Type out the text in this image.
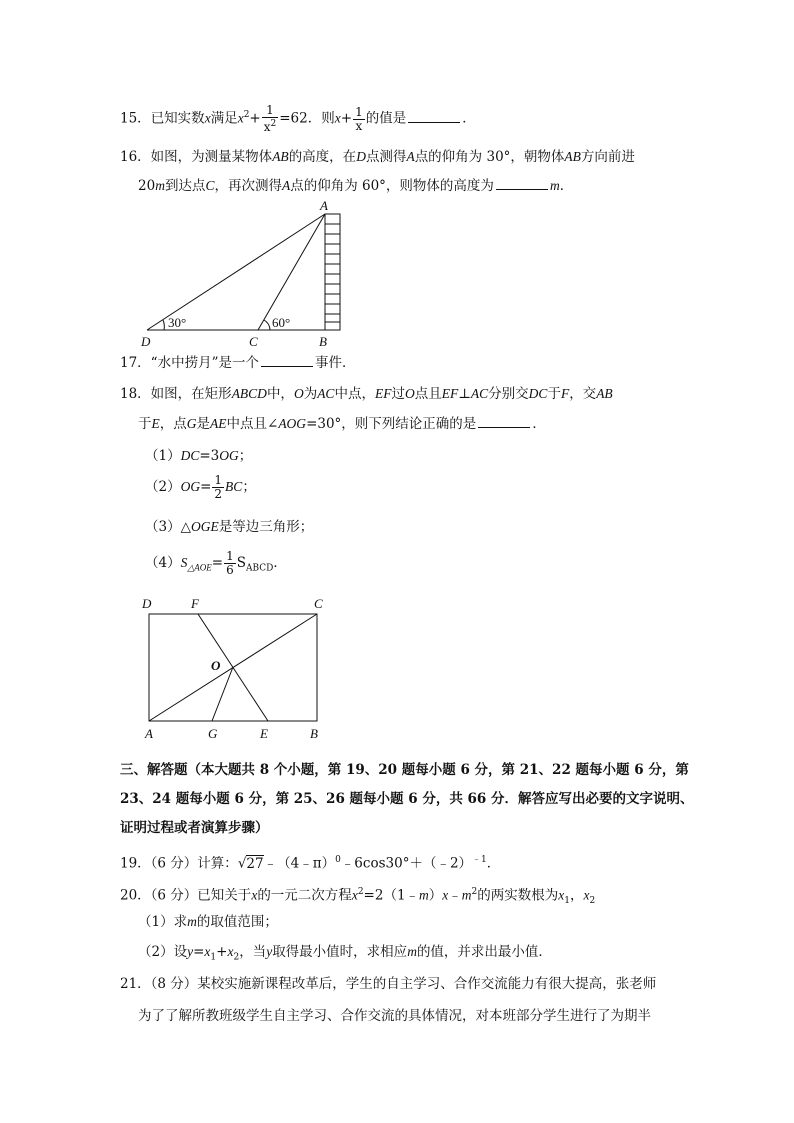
15．已知实数x满足$x^2+ \frac{1}{x^2} =62$．则$x+ \frac{1}{x}$ 的值是	．
16．如图，为测量某物体AB的高度，在D点测得A点的仰角为 30°，朝物体AB方向前进
20m到达点C，再次测得A点的仰角为 60°，则物体的高度为	m．
A
D	C	B
30°	60°
17．“水中捞月”是一个	事件．
18．如图，在矩形ABCD中，O为AC中点，EF过O点且EF⊥AC分别交DC于F，交AB
于E，点G是AE中点且∠AOG=30°，则下列结论正确的是	．
（1）DC=3OG；
$(2)OG= \frac{1}{2}$ BC；
（3）△OGE是等边三角形；
$(4)S_{\triangle AOE}= \frac{1}{6} S_{ABCD}$．
D	F	C
O
A	G	E	B
三、解答题（本大题共 8 个小题，第 19、20 题每小题 6 分，第 21、22 题每小题 6 分，第
23、24 题每小题 6 分，第 25、26 题每小题 6 分，共 66 分．解答应写出必要的文字说明、
证明过程或者演算步骤）
19．（6 分）计算：√27﹣（4﹣π）$^0$﹣6cos30°＋（﹣2）$^{﹣1}$．
20．（6 分）已知关于x的一元二次方程$x^2=2(1﹣m)x﹣m^2$的两实数根为$x_1$，$x_2$
（1）求m的取值范围；
（2）设$y=x_1+x_2$，当y取得最小值时，求相应m的值，并求出最小值．
21．（8 分）某校实施新课程改革后，学生的自主学习、合作交流能力有很大提高，张老师
为了了解所教班级学生自主学习、合作交流的具体情况，对本班部分学生进行了为期半
